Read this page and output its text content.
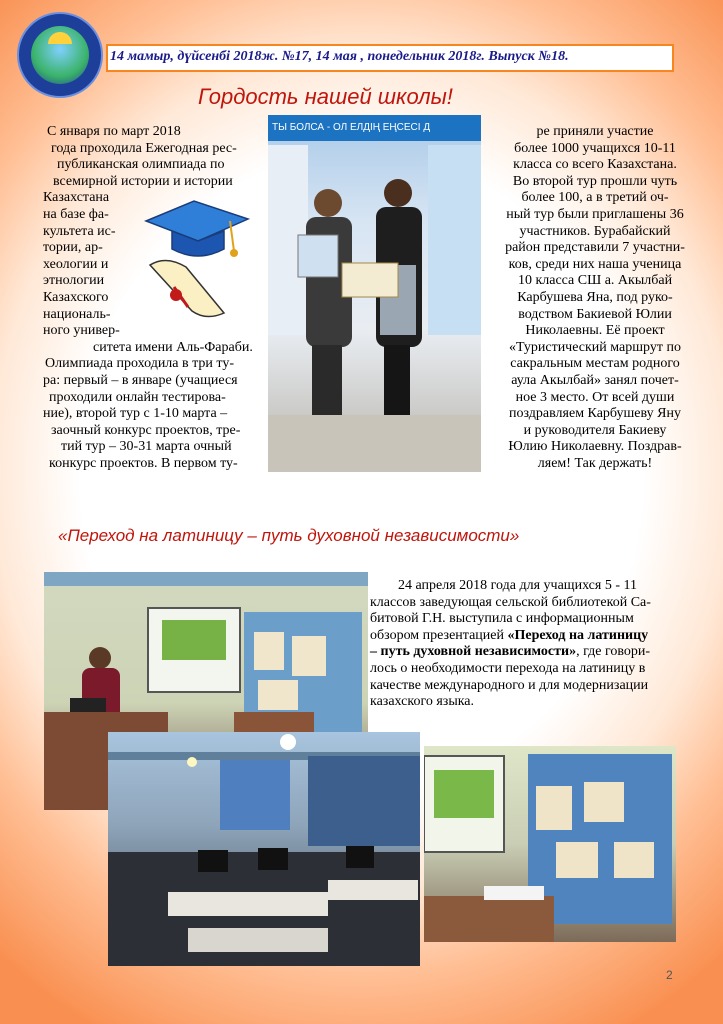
14 мамыр, дүйсенбі 2018ж. №17, 14 мая , понедельник 2018г. Выпуск №18.
Гордость нашей школы!
С января по март 2018
года проходила Ежегодная рес-
публиканская олимпиада по
всемирной истории и истории
Казахстана
на базе фа-
культета ис-
тории, ар-
хеологии и
этнологии
Казахского
националь-
ного универ-
ситета имени Аль-Фараби.
Олимпиада проходила в три ту-
ра: первый – в январе (учащиеся
проходили онлайн тестирова-
ние), второй тур с 1-10 марта –
заочный конкурс проектов, тре-
тий тур – 30-31 марта очный
конкурс проектов. В первом ту-
ТЫ БОЛСА - ОЛ ЕЛДІҢ ЕҢСЕСІ Д	ре приняли участие
более 1000 учащихся 10-11
класса со всего Казахстана.
Во второй тур прошли чуть
более 100, а в третий оч-
ный тур были приглашены 36
участников. Бурабайский
район представили 7 участни-
ков, среди них наша ученица
10 класса СШ а. Акылбай
Карбушева Яна, под руко-
водством Бакиевой Юлии
Николаевны. Её проект
«Туристический маршрут по
сакральным местам родного
аула Акылбай» занял почет-
ное 3 место. От всей души
поздравляем Карбушеву Яну
и руководителя Бакиеву
Юлию Николаевну. Поздрав-
ляем! Так держать!
«Переход на латиницу – путь духовной независимости»
24 апреля 2018 года для учащихся 5 - 11
классов заведующая сельской библиотекой Са-
битовой Г.Н. выступила с информационным
обзором презентацией «Переход на латиницу
– путь духовной независимости», где говори-
лось о необходимости перехода на латиницу в
качестве международного и для модернизации
казахского языка.
2
